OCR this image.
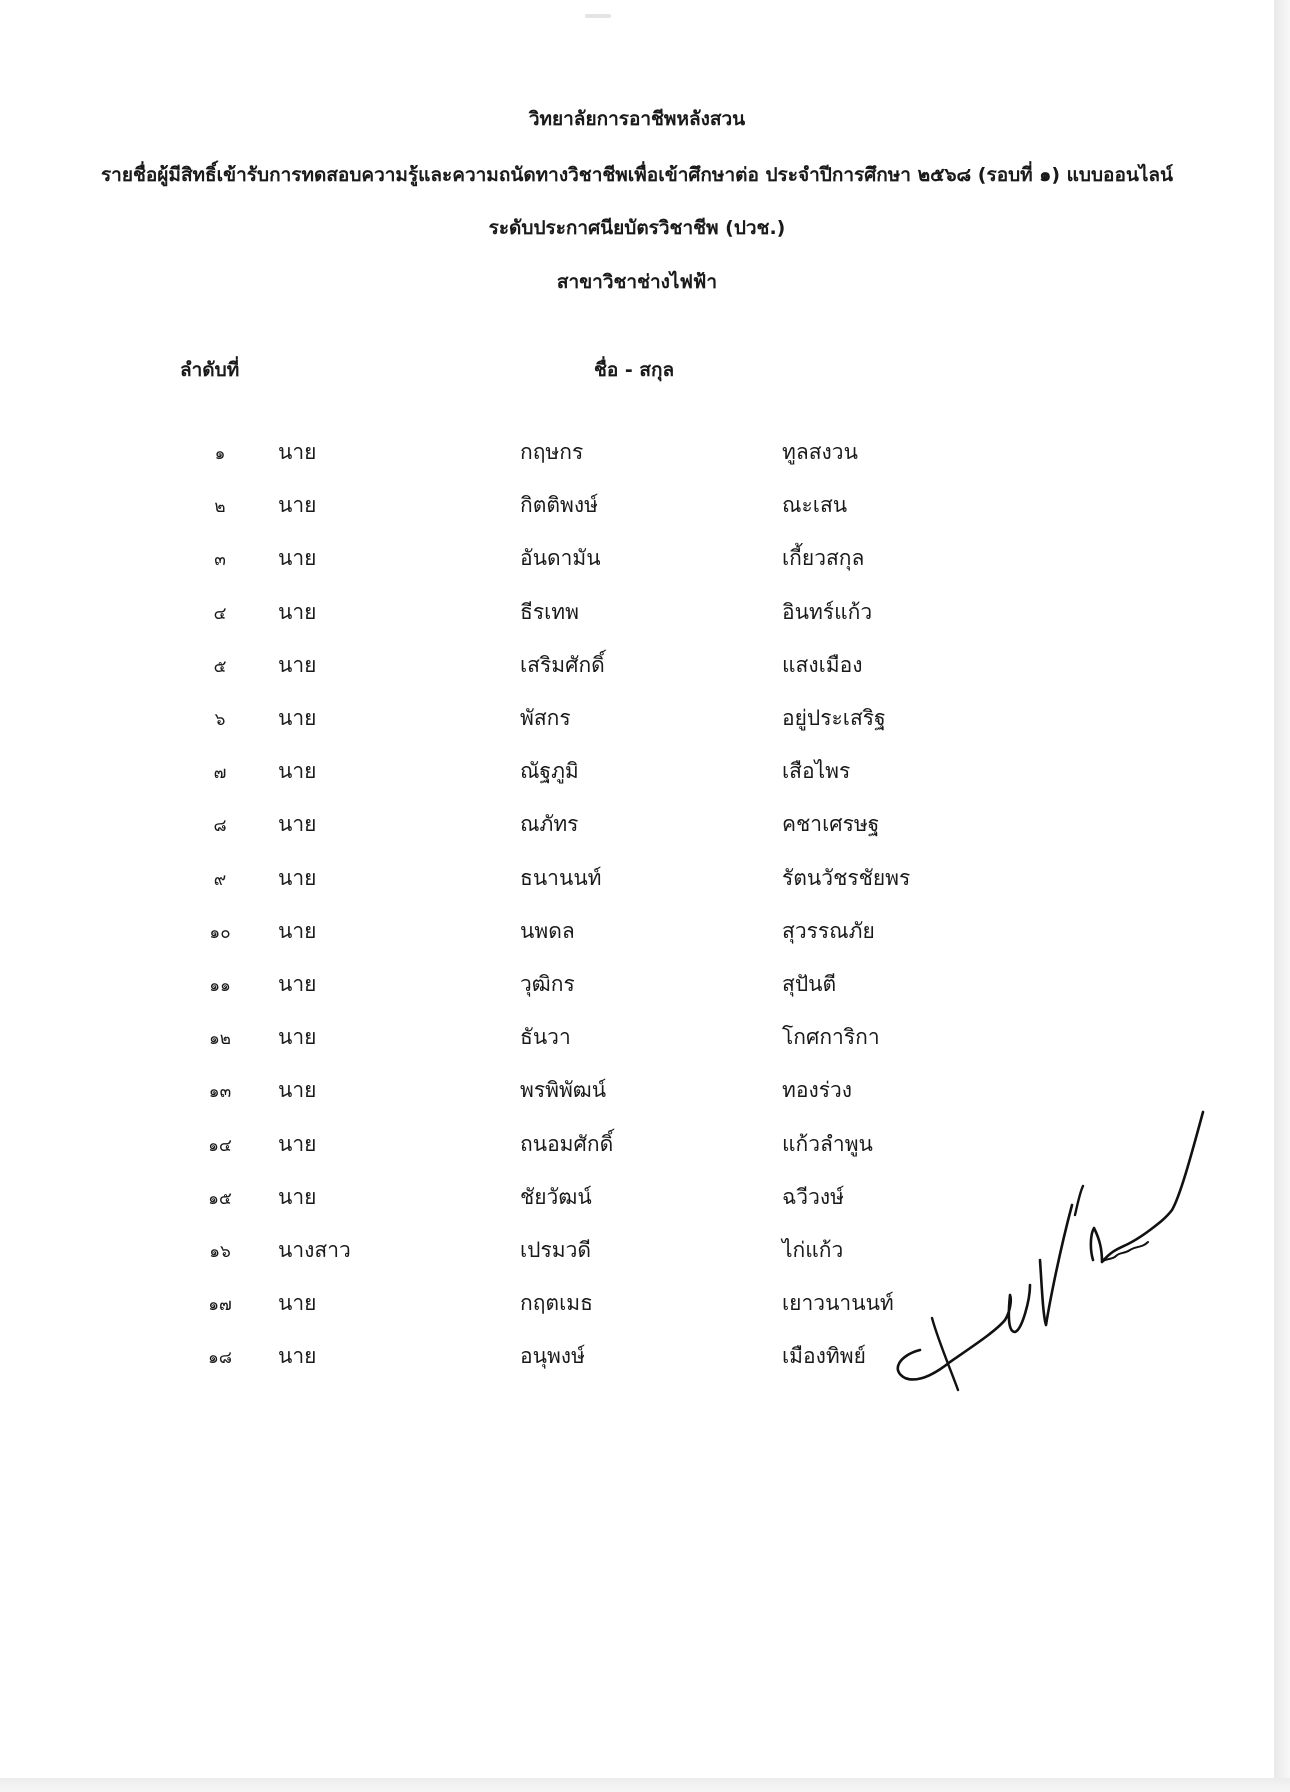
วิทยาลัยการอาชีพหลังสวน
รายชื่อผู้มีสิทธิ์เข้ารับการทดสอบความรู้และความถนัดทางวิชาชีพเพื่อเข้าศึกษาต่อ ประจำปีการศึกษา ๒๕๖๘ (รอบที่ ๑) แบบออนไลน์
ระดับประกาศนียบัตรวิชาชีพ (ปวช.)
สาขาวิชาช่างไฟฟ้า
ลำดับที่	ชื่อ - สกุล
๑	นาย	กฤษกร	ทูลสงวน
๒	นาย	กิตติพงษ์	ณะเสน
๓	นาย	อันดามัน	เกี้ยวสกุล
๔	นาย	ธีรเทพ	อินทร์แก้ว
๕	นาย	เสริมศักดิ์	แสงเมือง
๖	นาย	พัสกร	อยู่ประเสริฐ
๗	นาย	ณัฐภูมิ	เสือไพร
๘	นาย	ณภัทร	คชาเศรษฐ
๙	นาย	ธนานนท์	รัตนวัชรชัยพร
๑๐ นาย	นพดล	สุวรรณภัย
๑๑ นาย	วุฒิกร	สุปันตี
๑๒ นาย	ธันวา	โกศการิกา
๑๓ นาย	พรพิพัฒน์	ทองร่วง
๑๔ นาย	ถนอมศักดิ์	แก้วลำพูน
๑๕ นาย	ชัยวัฒน์	ฉวีวงษ์
๑๖ นางสาว	เปรมวดี	ไก่แก้ว
๑๗ นาย	กฤตเมธ	เยาวนานนท์
๑๘ นาย	อนุพงษ์	เมืองทิพย์
